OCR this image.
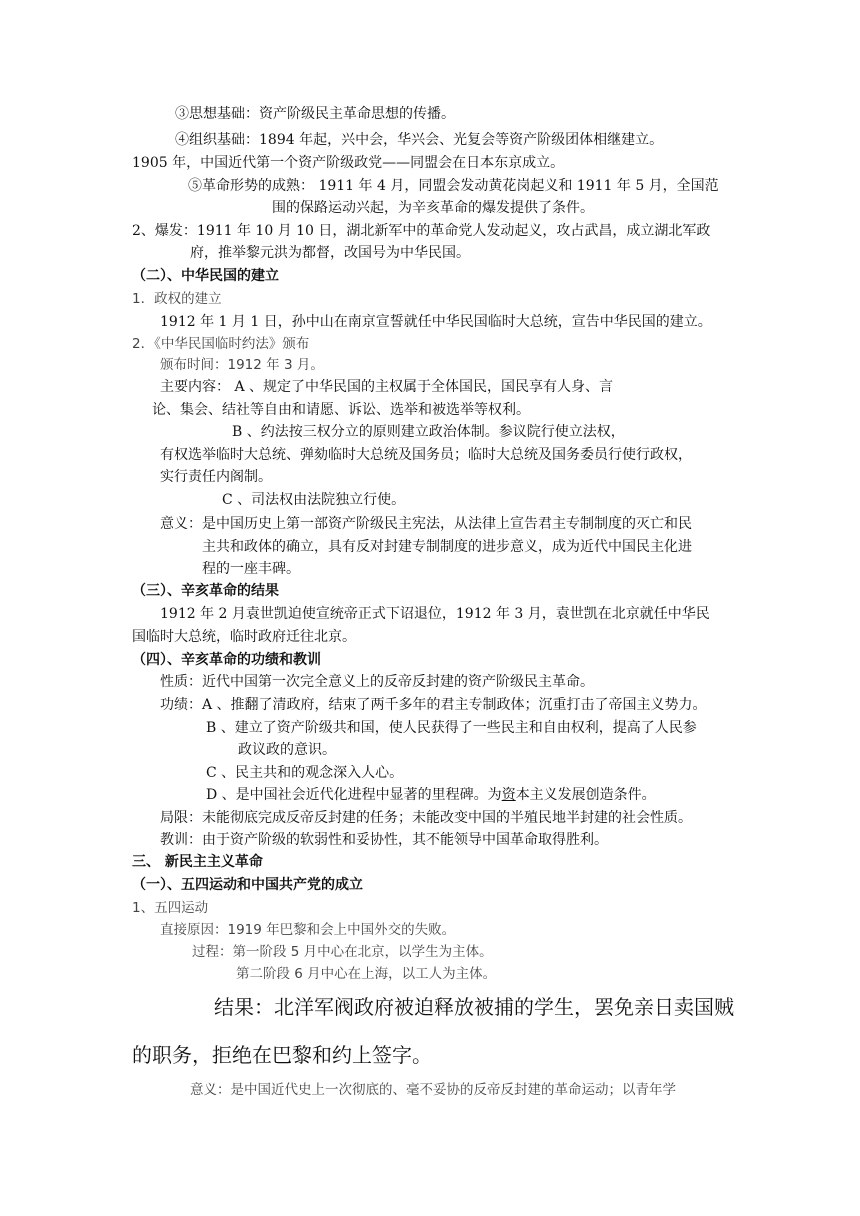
③思想基础：资产阶级民主革命思想的传播。
④组织基础：1894 年起，兴中会，华兴会、光复会等资产阶级团体相继建立。
1905 年，中国近代第一个资产阶级政党——同盟会在日本东京成立。
⑤革命形势的成熟： 1911 年 4 月，同盟会发动黄花岗起义和 1911 年 5 月，全国范
围的保路运动兴起，为辛亥革命的爆发提供了条件。
2、爆发：1911 年 10 月 10 日，湖北新军中的革命党人发动起义，攻占武昌，成立湖北军政
府，推举黎元洪为都督，改国号为中华民国。
（二）、中华民国的建立
1．政权的建立
1912 年 1 月 1 日，孙中山在南京宣誓就任中华民国临时大总统，宣告中华民国的建立。
2．《中华民国临时约法》颁布
颁布时间：1912 年 3 月。
主要内容： A 、规定了中华民国的主权属于全体国民，国民享有人身、言
论、集会、结社等自由和请愿、诉讼、选举和被选举等权利。
B 、约法按三权分立的原则建立政治体制。参议院行使立法权，
有权选举临时大总统、弹劾临时大总统及国务员；临时大总统及国务委员行使行政权，
实行责任内阁制。
C 、司法权由法院独立行使。
意义：是中国历史上第一部资产阶级民主宪法，从法律上宣告君主专制制度的灭亡和民
主共和政体的确立，具有反对封建专制制度的进步意义，成为近代中国民主化进
程的一座丰碑。
（三）、辛亥革命的结果
1912 年 2 月袁世凯迫使宣统帝正式下诏退位，1912 年 3 月，袁世凯在北京就任中华民
国临时大总统，临时政府迁往北京。
（四）、辛亥革命的功绩和教训
性质：近代中国第一次完全意义上的反帝反封建的资产阶级民主革命。
功绩：A 、推翻了清政府，结束了两千多年的君主专制政体；沉重打击了帝国主义势力。
B 、建立了资产阶级共和国，使人民获得了一些民主和自由权利，提高了人民参
政议政的意识。
C 、民主共和的观念深入人心。
D 、是中国社会近代化进程中显著的里程碑。为资本主义发展创造条件。
局限：未能彻底完成反帝反封建的任务；未能改变中国的半殖民地半封建的社会性质。
教训：由于资产阶级的软弱性和妥协性，其不能领导中国革命取得胜利。
三、 新民主主义革命
（一）、五四运动和中国共产党的成立
1、五四运动
直接原因：1919 年巴黎和会上中国外交的失败。
过程：第一阶段 5 月中心在北京，以学生为主体。
第二阶段 6 月中心在上海，以工人为主体。
结果：北洋军阀政府被迫释放被捕的学生，罢免亲日卖国贼
的职务，拒绝在巴黎和约上签字。
意义：是中国近代史上一次彻底的、毫不妥协的反帝反封建的革命运动；以青年学
